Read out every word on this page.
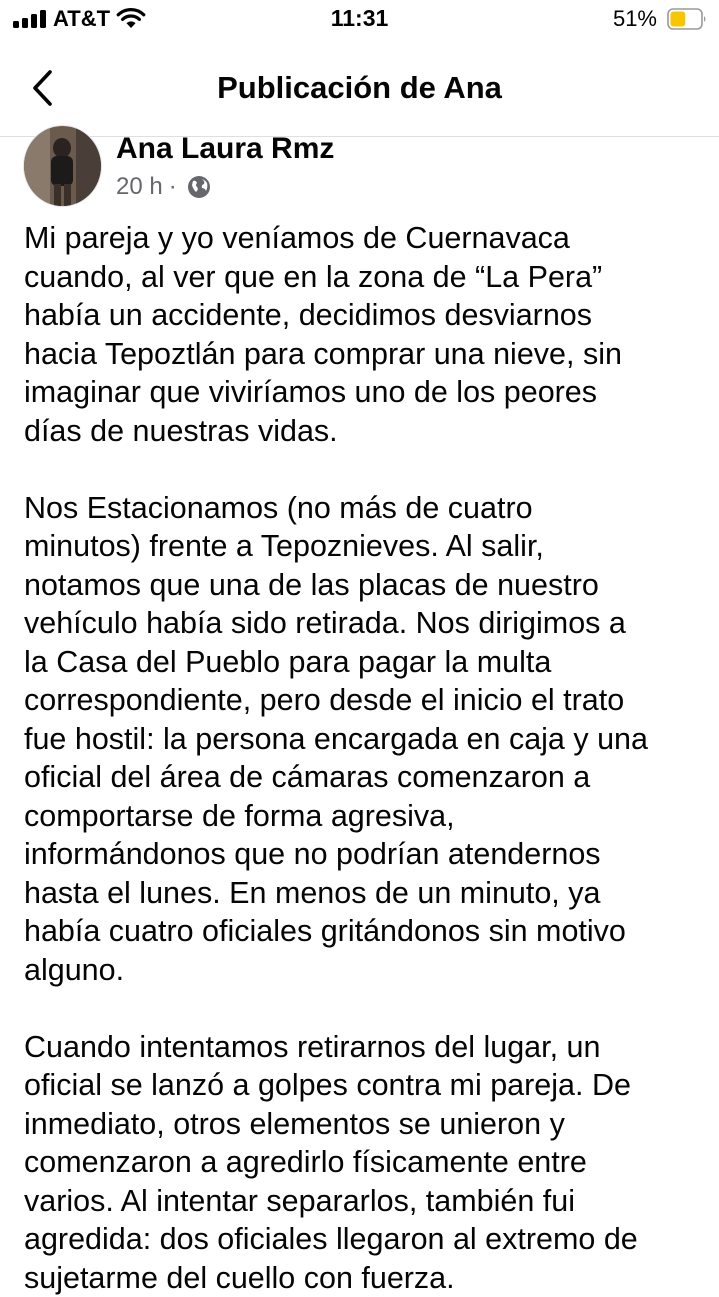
AT&T	11:31	51%
Publicación de Ana
Ana Laura Rmz
20 h ·

Mi pareja y yo veníamos de Cuernavaca

cuando, al ver que en la zona de “La Pera”

había un accidente, decidimos desviarnos

hacia Tepoztlán para comprar una nieve, sin

imaginar que viviríamos uno de los peores

días de nuestras vidas.

Nos Estacionamos (no más de cuatro

minutos) frente a Tepoznieves. Al salir,

notamos que una de las placas de nuestro

vehículo había sido retirada. Nos dirigimos a

la Casa del Pueblo para pagar la multa

correspondiente, pero desde el inicio el trato

fue hostil: la persona encargada en caja y una

oficial del área de cámaras comenzaron a

comportarse de forma agresiva,

informándonos que no podrían atendernos

hasta el lunes. En menos de un minuto, ya

había cuatro oficiales gritándonos sin motivo

alguno.

Cuando intentamos retirarnos del lugar, un

oficial se lanzó a golpes contra mi pareja. De

inmediato, otros elementos se unieron y

comenzaron a agredirlo físicamente entre

varios. Al intentar separarlos, también fui

agredida: dos oficiales llegaron al extremo de

sujetarme del cuello con fuerza.
